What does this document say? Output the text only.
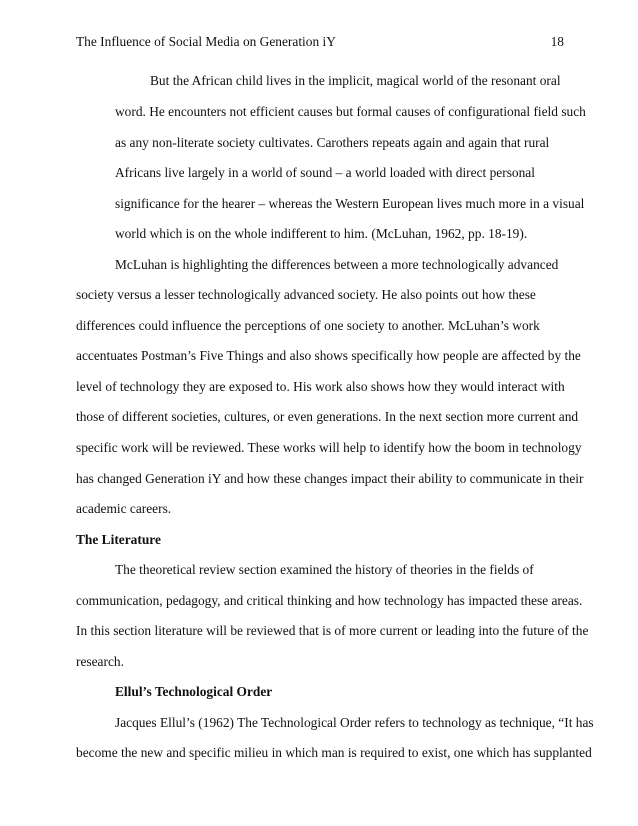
The Influence of Social Media on Generation iY	18
But the African child lives in the implicit, magical world of the resonant oral
word. He encounters not efficient causes but formal causes of configurational field such
as any non-literate society cultivates. Carothers repeats again and again that rural
Africans live largely in a world of sound – a world loaded with direct personal
significance for the hearer – whereas the Western European lives much more in a visual
world which is on the whole indifferent to him. (McLuhan, 1962, pp. 18-19).
McLuhan is highlighting the differences between a more technologically advanced
society versus a lesser technologically advanced society. He also points out how these
differences could influence the perceptions of one society to another. McLuhan’s work
accentuates Postman’s Five Things and also shows specifically how people are affected by the
level of technology they are exposed to. His work also shows how they would interact with
those of different societies, cultures, or even generations. In the next section more current and
specific work will be reviewed. These works will help to identify how the boom in technology
has changed Generation iY and how these changes impact their ability to communicate in their
academic careers.
The Literature
The theoretical review section examined the history of theories in the fields of
communication, pedagogy, and critical thinking and how technology has impacted these areas.
In this section literature will be reviewed that is of more current or leading into the future of the
research.
Ellul’s Technological Order
Jacques Ellul’s (1962) The Technological Order refers to technology as technique, “It has
become the new and specific milieu in which man is required to exist, one which has supplanted
